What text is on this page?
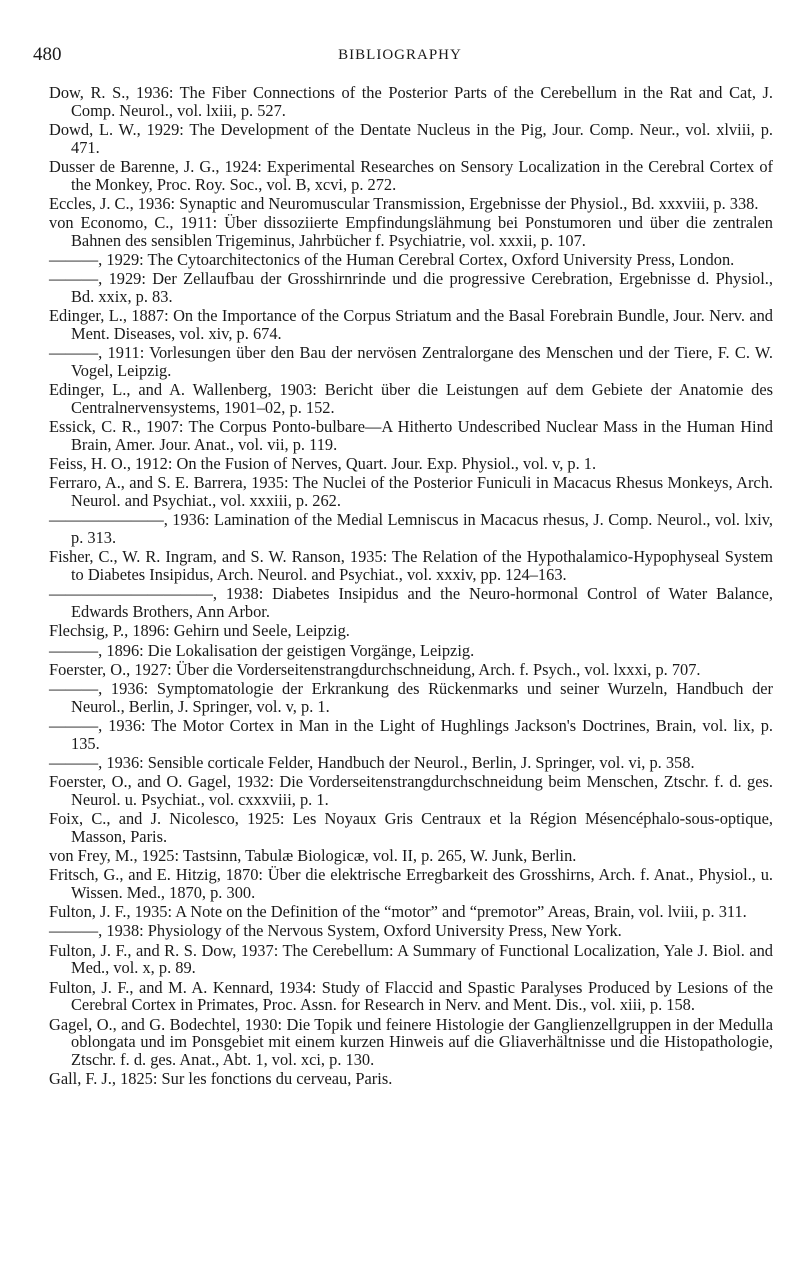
480	BIBLIOGRAPHY

Dow, R. S., 1936: The Fiber Connections of the Posterior Parts of the Cerebellum in the Rat and Cat, J. Comp. Neurol., vol. lxiii, p. 527.

Dowd, L. W., 1929: The Development of the Dentate Nucleus in the Pig, Jour. Comp. Neur., vol. xlviii, p. 471.

Dusser de Barenne, J. G., 1924: Experimental Researches on Sensory Localization in the Cerebral Cortex of the Monkey, Proc. Roy. Soc., vol. B, xcvi, p. 272.

Eccles, J. C., 1936: Synaptic and Neuromuscular Transmission, Ergebnisse der Physiol., Bd. xxxviii, p. 338.

von Economo, C., 1911: Über dissoziierte Empfindungslähmung bei Ponstumoren und über die zentralen Bahnen des sensiblen Trigeminus, Jahrbücher f. Psychiatrie, vol. xxxii, p. 107.

———, 1929: The Cytoarchitectonics of the Human Cerebral Cortex, Oxford University Press, London.

———, 1929: Der Zellaufbau der Grosshirnrinde und die progressive Cerebration, Ergebnisse d. Physiol., Bd. xxix, p. 83.

Edinger, L., 1887: On the Importance of the Corpus Striatum and the Basal Forebrain Bundle, Jour. Nerv. and Ment. Diseases, vol. xiv, p. 674.

———, 1911: Vorlesungen über den Bau der nervösen Zentralorgane des Menschen und der Tiere, F. C. W. Vogel, Leipzig.

Edinger, L., and A. Wallenberg, 1903: Bericht über die Leistungen auf dem Gebiete der Anatomie des Centralnervensystems, 1901–02, p. 152.

Essick, C. R., 1907: The Corpus Ponto-bulbare—A Hitherto Undescribed Nuclear Mass in the Human Hind Brain, Amer. Jour. Anat., vol. vii, p. 119.

Feiss, H. O., 1912: On the Fusion of Nerves, Quart. Jour. Exp. Physiol., vol. v, p. 1.

Ferraro, A., and S. E. Barrera, 1935: The Nuclei of the Posterior Funiculi in Macacus Rhesus Monkeys, Arch. Neurol. and Psychiat., vol. xxxiii, p. 262.

———————, 1936: Lamination of the Medial Lemniscus in Macacus rhesus, J. Comp. Neurol., vol. lxiv, p. 313.

Fisher, C., W. R. Ingram, and S. W. Ranson, 1935: The Relation of the Hypothalamico-Hypophyseal System to Diabetes Insipidus, Arch. Neurol. and Psychiat., vol. xxxiv, pp. 124–163.

——————————, 1938: Diabetes Insipidus and the Neuro-hormonal Control of Water Balance, Edwards Brothers, Ann Arbor.

Flechsig, P., 1896: Gehirn und Seele, Leipzig.

———, 1896: Die Lokalisation der geistigen Vorgänge, Leipzig.

Foerster, O., 1927: Über die Vorderseitenstrangdurchschneidung, Arch. f. Psych., vol. lxxxi, p. 707.

———, 1936: Symptomatologie der Erkrankung des Rückenmarks und seiner Wurzeln, Handbuch der Neurol., Berlin, J. Springer, vol. v, p. 1.

———, 1936: The Motor Cortex in Man in the Light of Hughlings Jackson's Doctrines, Brain, vol. lix, p. 135.

———, 1936: Sensible corticale Felder, Handbuch der Neurol., Berlin, J. Springer, vol. vi, p. 358.

Foerster, O., and O. Gagel, 1932: Die Vorderseitenstrangdurchschneidung beim Menschen, Ztschr. f. d. ges. Neurol. u. Psychiat., vol. cxxxviii, p. 1.

Foix, C., and J. Nicolesco, 1925: Les Noyaux Gris Centraux et la Région Mésencéphalo-sous-optique, Masson, Paris.

von Frey, M., 1925: Tastsinn, Tabulæ Biologicæ, vol. II, p. 265, W. Junk, Berlin.

Fritsch, G., and E. Hitzig, 1870: Über die elektrische Erregbarkeit des Grosshirns, Arch. f. Anat., Physiol., u. Wissen. Med., 1870, p. 300.

Fulton, J. F., 1935: A Note on the Definition of the “motor” and “premotor” Areas, Brain, vol. lviii, p. 311.

———, 1938: Physiology of the Nervous System, Oxford University Press, New York.

Fulton, J. F., and R. S. Dow, 1937: The Cerebellum: A Summary of Functional Localization, Yale J. Biol. and Med., vol. x, p. 89.

Fulton, J. F., and M. A. Kennard, 1934: Study of Flaccid and Spastic Paralyses Produced by Lesions of the Cerebral Cortex in Primates, Proc. Assn. for Research in Nerv. and Ment. Dis., vol. xiii, p. 158.

Gagel, O., and G. Bodechtel, 1930: Die Topik und feinere Histologie der Ganglienzellgruppen in der Medulla oblongata und im Ponsgebiet mit einem kurzen Hinweis auf die Gliaverhältnisse und die Histopathologie, Ztschr. f. d. ges. Anat., Abt. 1, vol. xci, p. 130.

Gall, F. J., 1825: Sur les fonctions du cerveau, Paris.
